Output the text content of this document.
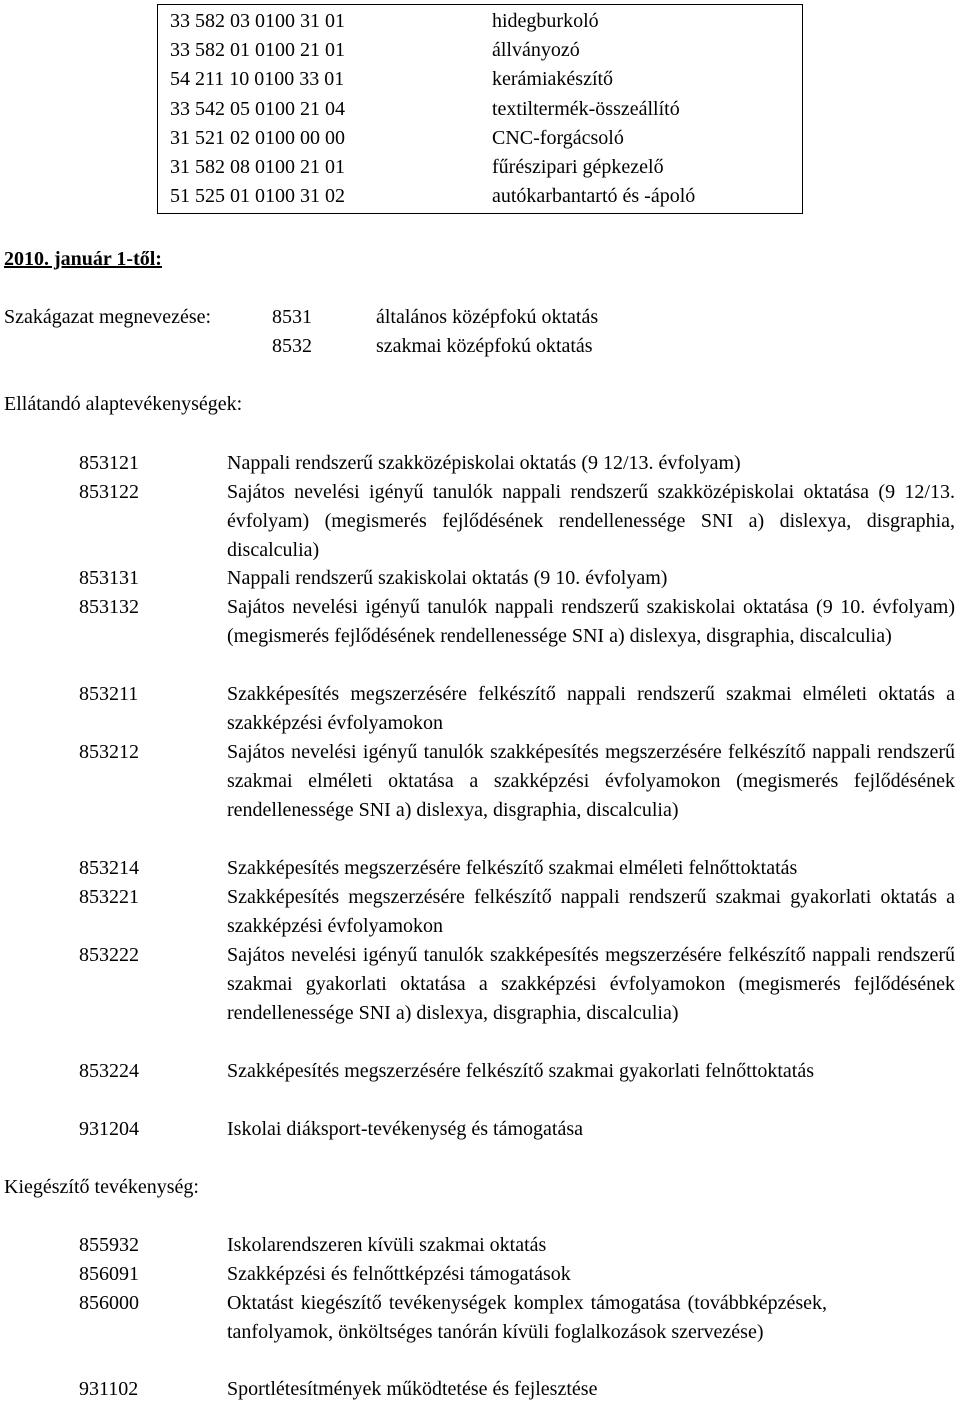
33 582 03 0100 31 01	hidegburkoló
33 582 01 0100 21 01	állványozó
54 211 10 0100 33 01	kerámiakészítő
33 542 05 0100 21 04	textiltermék-összeállító
31 521 02 0100 00 00	CNC-forgácsoló
31 582 08 0100 21 01	fűrészipari gépkezelő
51 525 01 0100 31 02	autókarbantartó és -ápoló
2010. január 1-től:
Szakágazat megnevezése:	8531	általános középfokú oktatás
8532	szakmai középfokú oktatás
Ellátandó alaptevékenységek:
853121	Nappali rendszerű szakközépiskolai oktatás (9 12/13. évfolyam)
853122	Sajátos nevelési igényű tanulók nappali rendszerű szakközépiskolai oktatása (9 12/13. évfolyam) (megismerés fejlődésének rendellenessége SNI a) dislexya, disgraphia, discalculia)
853131	Nappali rendszerű szakiskolai oktatás (9 10. évfolyam)
853132	Sajátos nevelési igényű tanulók nappali rendszerű szakiskolai oktatása (9 10. évfolyam) (megismerés fejlődésének rendellenessége SNI a) dislexya, disgraphia, discalculia)
853211	Szakképesítés megszerzésére felkészítő nappali rendszerű szakmai elméleti oktatás a szakképzési évfolyamokon
853212	Sajátos nevelési igényű tanulók szakképesítés megszerzésére felkészítő nappali rendszerű szakmai elméleti oktatása a szakképzési évfolyamokon (megismerés fejlődésének rendellenessége SNI a) dislexya, disgraphia, discalculia)
853214	Szakképesítés megszerzésére felkészítő szakmai elméleti felnőttoktatás
853221	Szakképesítés megszerzésére felkészítő nappali rendszerű szakmai gyakorlati oktatás a szakképzési évfolyamokon
853222	Sajátos nevelési igényű tanulók szakképesítés megszerzésére felkészítő nappali rendszerű szakmai gyakorlati oktatása a szakképzési évfolyamokon (megismerés fejlődésének rendellenessége SNI a) dislexya, disgraphia, discalculia)
853224	Szakképesítés megszerzésére felkészítő szakmai gyakorlati felnőttoktatás
931204	Iskolai diáksport-tevékenység és támogatása
Kiegészítő tevékenység:
855932	Iskolarendszeren kívüli szakmai oktatás
856091	Szakképzési és felnőttképzési támogatások
856000	Oktatást kiegészítő tevékenységek komplex támogatása (továbbképzések, tanfolyamok, önköltséges tanórán kívüli foglalkozások szervezése)
931102	Sportlétesítmények működtetése és fejlesztése
